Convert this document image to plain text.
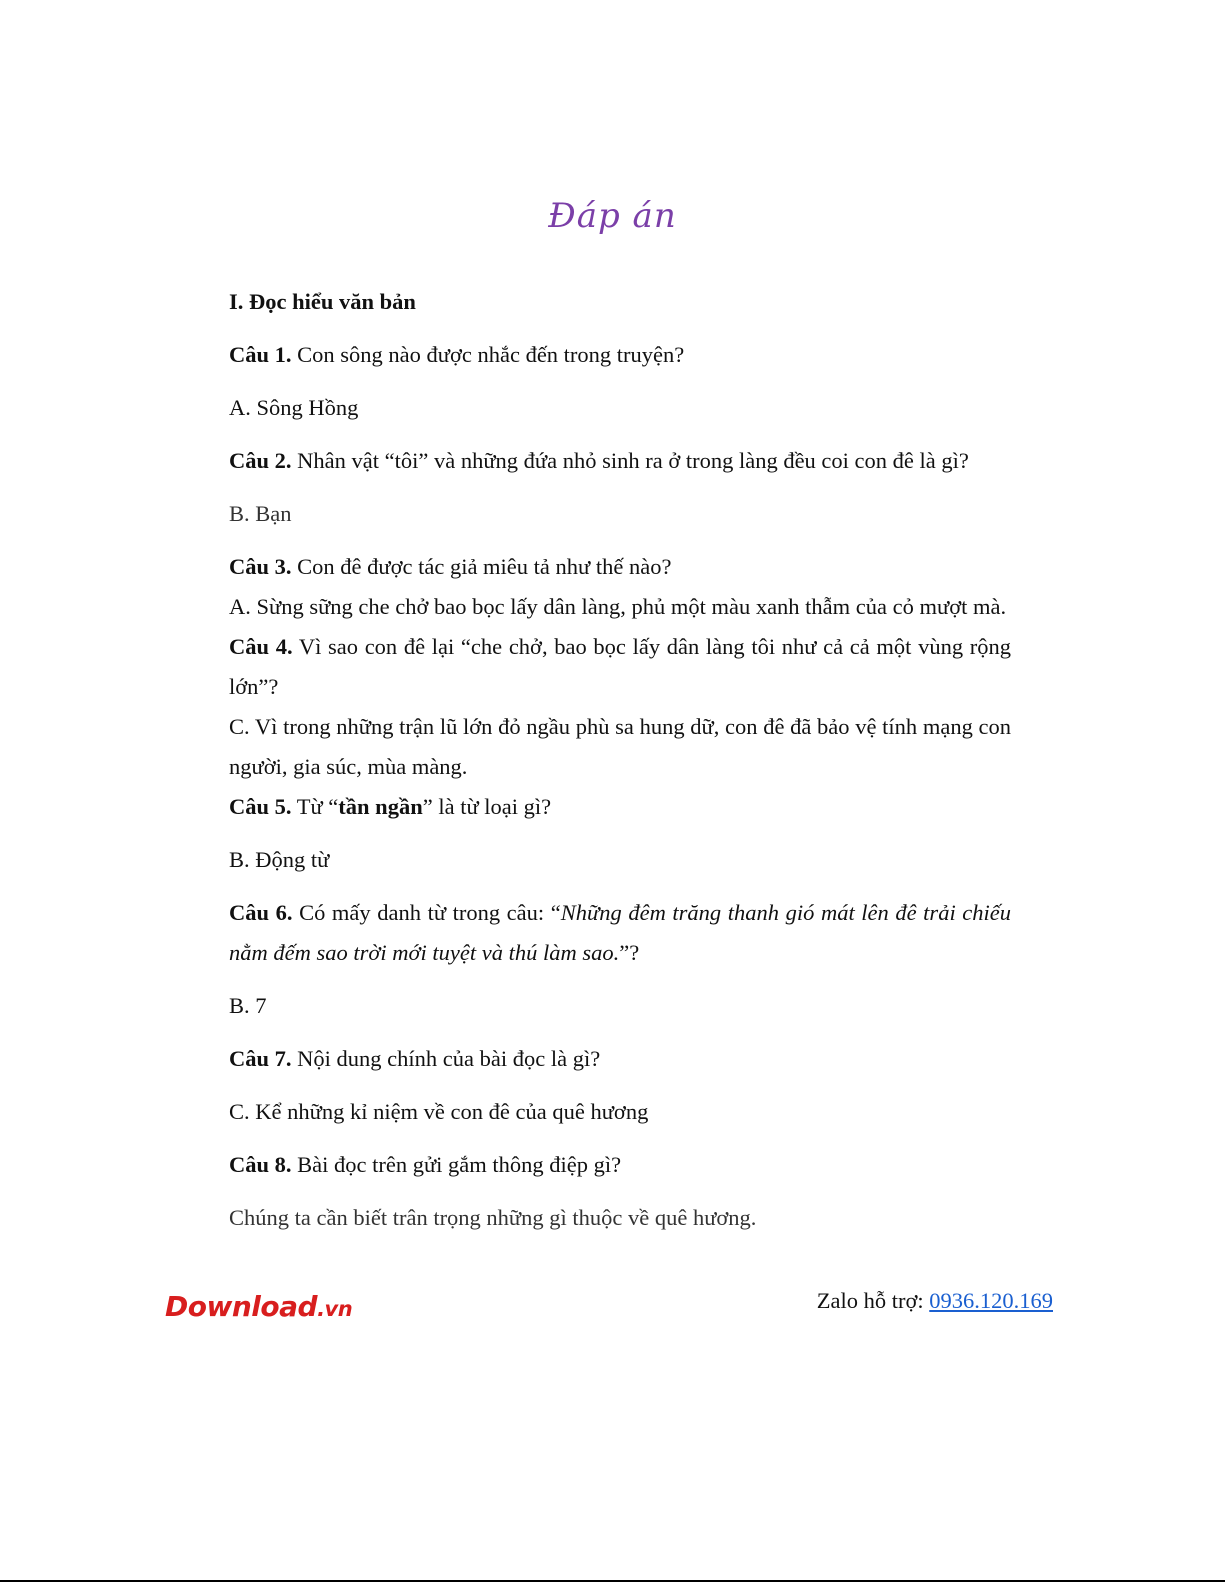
Đáp án

I. Đọc hiểu văn bản

Câu 1. Con sông nào được nhắc đến trong truyện?

A. Sông Hồng

Câu 2. Nhân vật “tôi” và những đứa nhỏ sinh ra ở trong làng đều coi con đê là gì?

B. Bạn

Câu 3. Con đê được tác giả miêu tả như thế nào?

A. Sừng sững che chở bao bọc lấy dân làng, phủ một màu xanh thẫm của cỏ mượt mà.

Câu 4. Vì sao con đê lại “che chở, bao bọc lấy dân làng tôi như cả cả một vùng rộng lớn”?

C. Vì trong những trận lũ lớn đỏ ngầu phù sa hung dữ, con đê đã bảo vệ tính mạng con người, gia súc, mùa màng.

Câu 5. Từ “tần ngần” là từ loại gì?

B. Động từ

Câu 6. Có mấy danh từ trong câu: “Những đêm trăng thanh gió mát lên đê trải chiếu nằm đếm sao trời mới tuyệt và thú làm sao.”?

B. 7

Câu 7. Nội dung chính của bài đọc là gì?

C. Kể những kỉ niệm về con đê của quê hương

Câu 8. Bài đọc trên gửi gắm thông điệp gì?

Chúng ta cần biết trân trọng những gì thuộc về quê hương.

Download.vn	Zalo hỗ trợ: 0936.120.169
